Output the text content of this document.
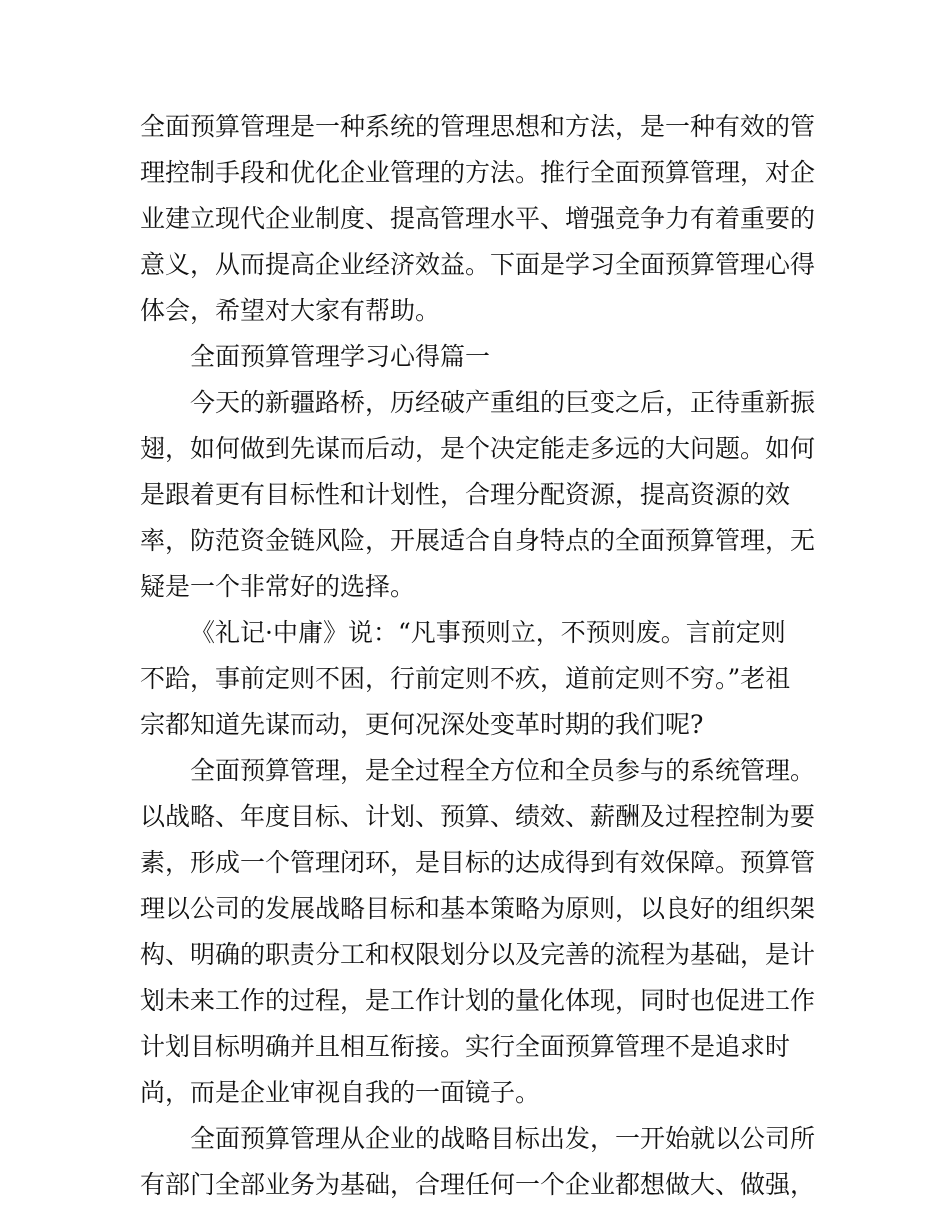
全面预算管理是一种系统的管理思想和方法，是一种有效的管
理控制手段和优化企业管理的方法。推行全面预算管理，对企
业建立现代企业制度、提高管理水平、增强竞争力有着重要的
意义，从而提高企业经济效益。下面是学习全面预算管理心得
体会，希望对大家有帮助。
全面预算管理学习心得篇一
今天的新疆路桥，历经破产重组的巨变之后，正待重新振
翅，如何做到先谋而后动，是个决定能走多远的大问题。如何
是跟着更有目标性和计划性，合理分配资源，提高资源的效
率，防范资金链风险，开展适合自身特点的全面预算管理，无
疑是一个非常好的选择。
《礼记·中庸》说：“凡事预则立，不预则废。言前定则
不跲，事前定则不困，行前定则不疚，道前定则不穷。”老祖
宗都知道先谋而动，更何况深处变革时期的我们呢?
全面预算管理，是全过程全方位和全员参与的系统管理。
以战略、年度目标、计划、预算、绩效、薪酬及过程控制为要
素，形成一个管理闭环，是目标的达成得到有效保障。预算管
理以公司的发展战略目标和基本策略为原则，以良好的组织架
构、明确的职责分工和权限划分以及完善的流程为基础，是计
划未来工作的过程，是工作计划的量化体现，同时也促进工作
计划目标明确并且相互衔接。实行全面预算管理不是追求时
尚，而是企业审视自我的一面镜子。
全面预算管理从企业的战略目标出发，一开始就以公司所
有部门全部业务为基础，合理任何一个企业都想做大、做强，
